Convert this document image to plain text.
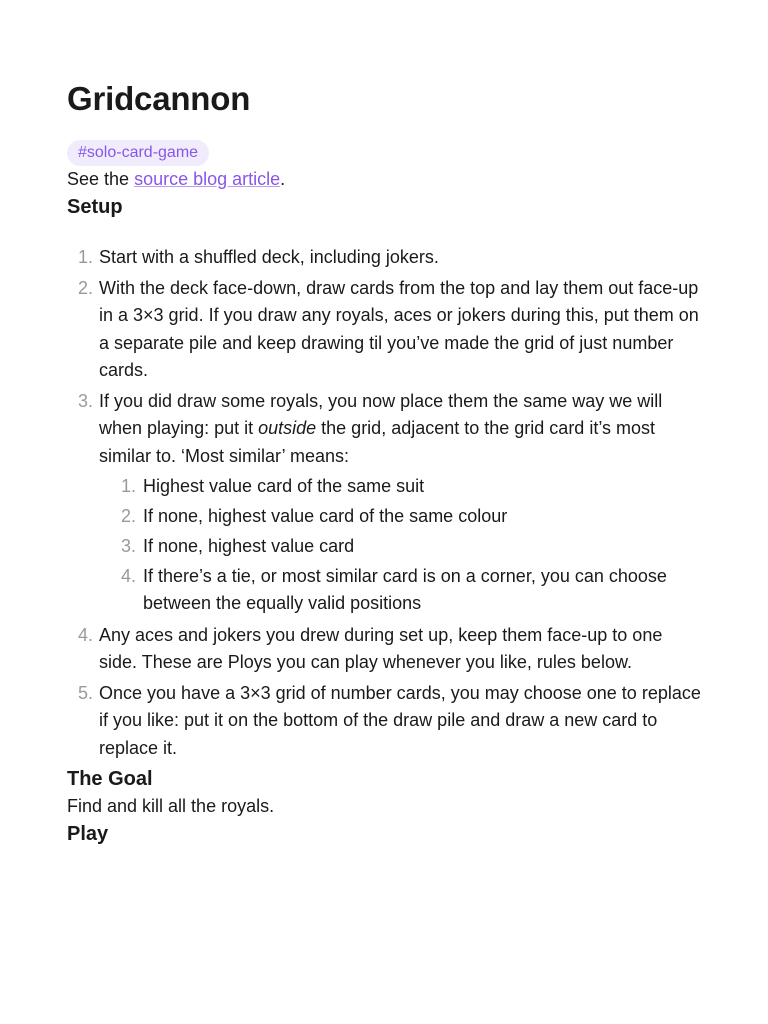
Gridcannon
#solo-card-game

See the source blog article.

Setup
1. Start with a shuffled deck, including jokers.
2. With the deck face-down, draw cards from the top and lay them out face-up in a 3×3 grid. If you draw any royals, aces or jokers during this, put them on a separate pile and keep drawing til you’ve made the grid of just number cards.
3. If you did draw some royals, you now place them the same way we will when playing: put it outside the grid, adjacent to the grid card it’s most similar to. ‘Most similar’ means:
1. Highest value card of the same suit
2. If none, highest value card of the same colour
3. If none, highest value card
4. If there’s a tie, or most similar card is on a corner, you can choose between the equally valid positions
4. Any aces and jokers you drew during set up, keep them face-up to one side. These are Ploys you can play whenever you like, rules below.
5. Once you have a 3×3 grid of number cards, you may choose one to replace if you like: put it on the bottom of the draw pile and draw a new card to replace it.
The Goal

Find and kill all the royals.

Play
